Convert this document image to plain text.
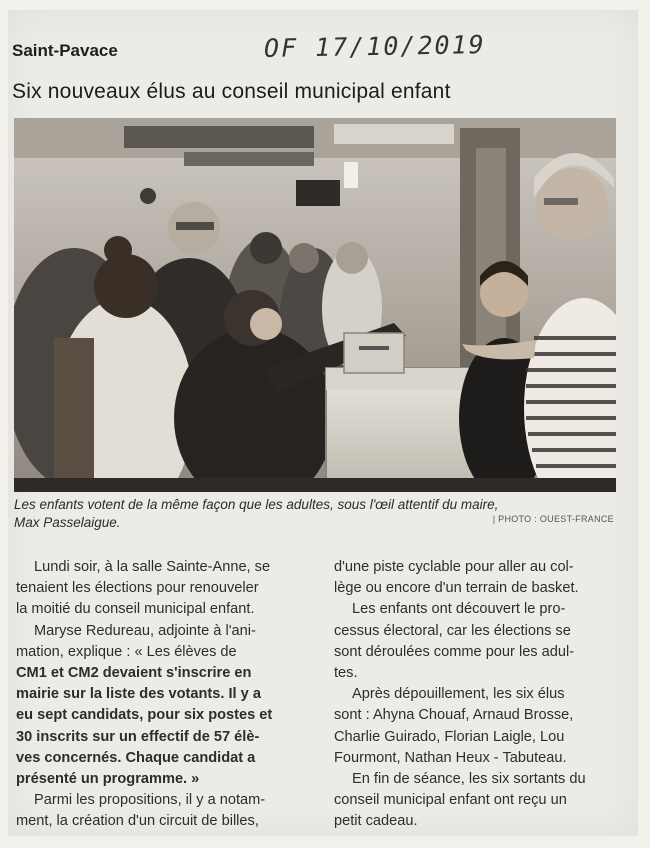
Saint-Pavace	OF 17/10/2019
Six nouveaux élus au conseil municipal enfant
Les enfants votent de la même façon que les adultes, sous l'œil attentif du maire,
Max Passelaigue.	| PHOTO : OUEST-FRANCE
Lundi soir, à la salle Sainte-Anne, se
tenaient les élections pour renouveler
la moitié du conseil municipal enfant.
Maryse Redureau, adjointe à l'ani-
mation, explique : « Les élèves de
CM1 et CM2 devaient s'inscrire en
mairie sur la liste des votants. Il y a
eu sept candidats, pour six postes et
30 inscrits sur un effectif de 57 élè-
ves concernés. Chaque candidat a
présenté un programme. »
Parmi les propositions, il y a notam-
ment, la création d'un circuit de billes,
d'une piste cyclable pour aller au col-
lège ou encore d'un terrain de basket.
Les enfants ont découvert le pro-
cessus électoral, car les élections se
sont déroulées comme pour les adul-
tes.
Après dépouillement, les six élus
sont : Ahyna Chouaf, Arnaud Brosse,
Charlie Guirado, Florian Laigle, Lou
Fourmont, Nathan Heux - Tabuteau.
En fin de séance, les six sortants du
conseil municipal enfant ont reçu un
petit cadeau.
